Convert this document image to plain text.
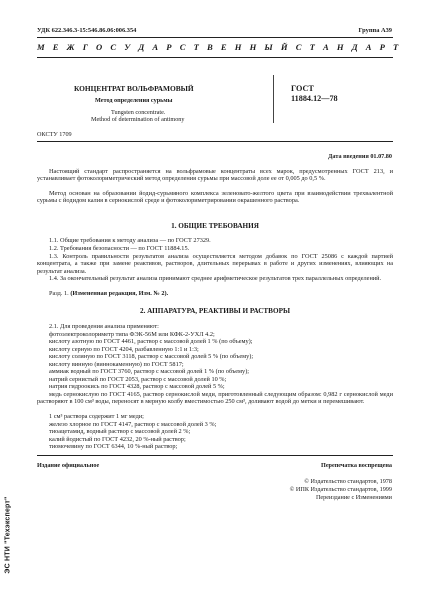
УДК 622.346.3-15:546.86.06:006.354	Группа А39
М Е Ж Г О С У Д А Р С Т В Е Н Н Ы Й С Т А Н Д А Р Т
КОНЦЕНТРАТ ВОЛЬФРАМОВЫЙ
Метод определения сурьмы
Tungsten concentrate.
Method of determination of antimony
ГОСТ
11884.12—78
ОКСТУ 1709
Дата введения 01.07.80
Настоящий стандарт распространяется на вольфрамовые концентраты всех марок, предусмотренных ГОСТ 213, и устанавливает фотоколориметрический метод определения сурьмы при массовой доле ее от 0,005 до 0,5 %.
Метод основан на образовании йодид-сурьмяного комплекса зеленовато-желтого цвета при взаимодействии трехвалентной сурьмы с йодидом калия в сернокислой среде и фотоколориметрировании окрашенного раствора.
1. ОБЩИЕ ТРЕБОВАНИЯ
1.1. Общие требования к методу анализа — по ГОСТ 27329.
1.2. Требования безопасности — по ГОСТ 11884.15.
1.3. Контроль правильности результатов анализа осуществляется методом добавок по ГОСТ 25086 с каждой партией концентрата, а также при замене реактивов, растворов, длительных перерывах в работе и других изменениях, влияющих на результат анализа.
1.4. За окончательный результат анализа принимают среднее арифметическое результатов трех параллельных определений.
Разд. 1. (Измененная редакция, Изм. № 2).
2. АППАРАТУРА, РЕАКТИВЫ И РАСТВОРЫ
2.1. Для проведения анализа применяют:
фотоэлектроколориметр типа ФЭК-56М или КФК-2-УХЛ 4.2;
кислоту азотную по ГОСТ 4461, раствор с массовой долей 1 % (по объему);
кислоту серную по ГОСТ 4204, разбавленную 1:1 и 1:3;
кислоту соляную по ГОСТ 3118, раствор с массовой долей 5 % (по объему);
кислоту винную (виннокаменную) по ГОСТ 5817;
аммиак водный по ГОСТ 3760, раствор с массовой долей 1 % (по объему);
натрий сернистый по ГОСТ 2053, раствор с массовой долей 10 %;
натрия гидроокись по ГОСТ 4328, раствор с массовой долей 5 %;
медь сернокислую по ГОСТ 4165, раствор сернокислой меди, приготовленный следующим образом: 0,982 г сернокислой меди растворяют в 100 см³ воды, переносят в мерную колбу вместимостью 250 см³, доливают водой до метки и перемешивают.
1 см³ раствора содержит 1 мг меди;
железо хлорное по ГОСТ 4147, раствор с массовой долей 3 %;
тиоацетамид, водный раствор с массовой долей 2 %;
калий йодистый по ГОСТ 4232, 20 %-ный раствор;
тиомочевину по ГОСТ 6344, 10 %-ный раствор;
Издание официальное	Перепечатка воспрещена
© Издательство стандартов, 1978
© ИПК Издательство стандартов, 1999
Переиздание с Изменениями
ЭС НТИ "Техэксперт"
